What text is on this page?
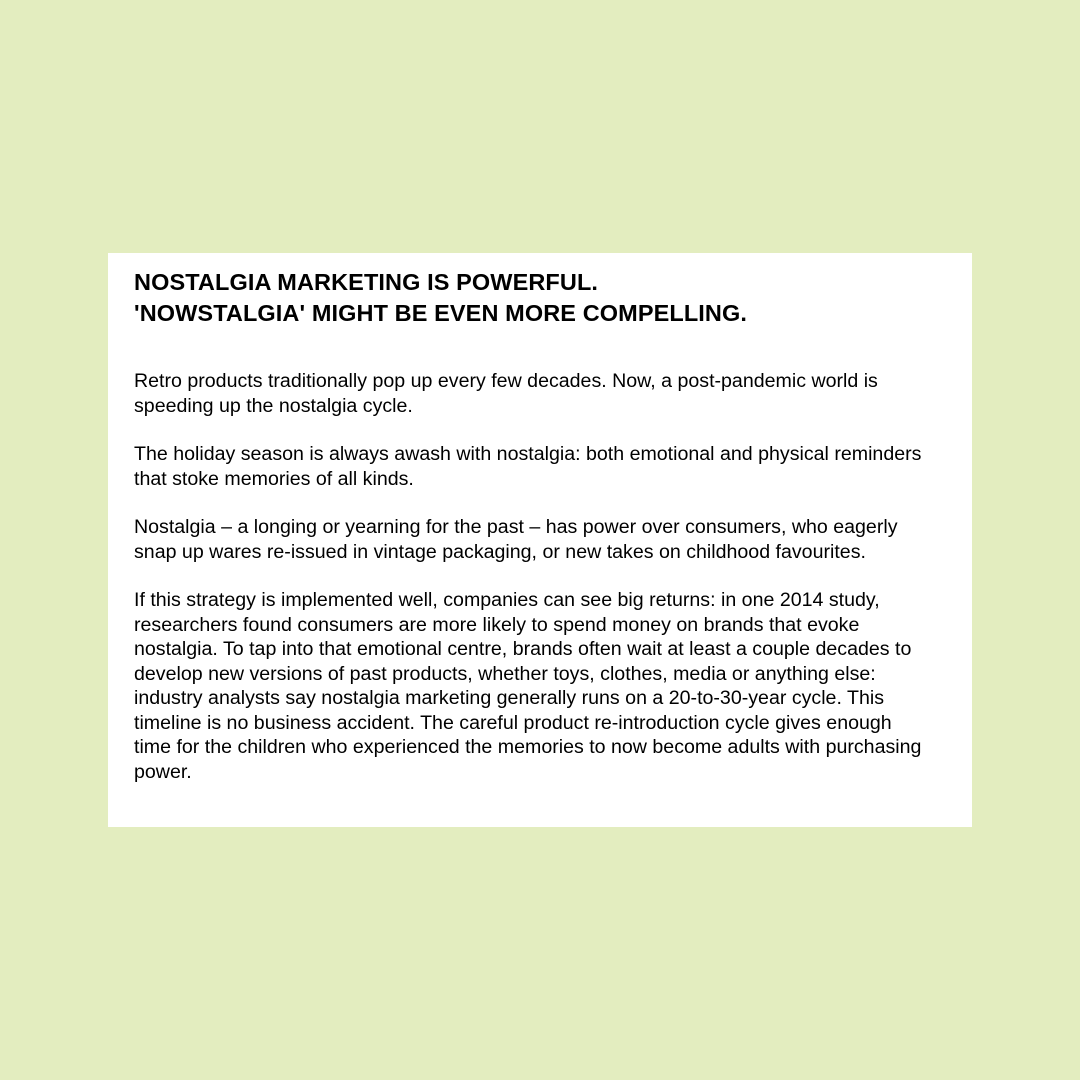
NOSTALGIA MARKETING IS POWERFUL.
'NOWSTALGIA' MIGHT BE EVEN MORE COMPELLING.

Retro products traditionally pop up every few decades. Now, a post-pandemic world is speeding up the nostalgia cycle.

The holiday season is always awash with nostalgia: both emotional and physical reminders that stoke memories of all kinds.

Nostalgia – a longing or yearning for the past – has power over consumers, who eagerly snap up wares re-issued in vintage packaging, or new takes on childhood favourites.

If this strategy is implemented well, companies can see big returns: in one 2014 study, researchers found consumers are more likely to spend money on brands that evoke nostalgia. To tap into that emotional centre, brands often wait at least a couple decades to develop new versions of past products, whether toys, clothes, media or anything else: industry analysts say nostalgia marketing generally runs on a 20-to-30-year cycle. This timeline is no business accident. The careful product re-introduction cycle gives enough time for the children who experienced the memories to now become adults with purchasing power.
